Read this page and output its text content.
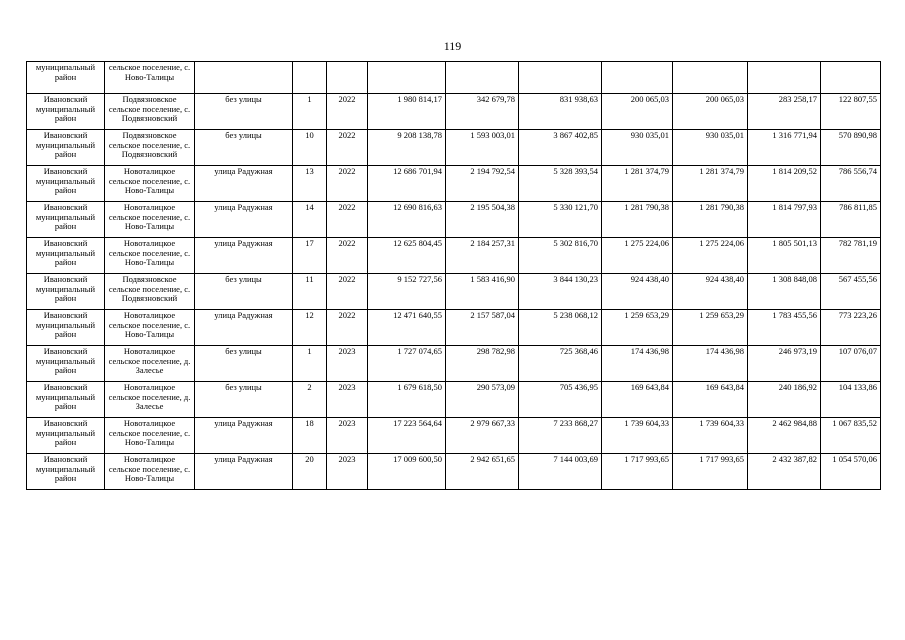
119
муниципальный район	сельское поселение, с. Ново-Талицы										
Ивановский муниципальный район	Подвязновское сельское поселение, с. Подвязновский	без улицы	1	2022	1 980 814,17	342 679,78	831 938,63	200 065,03	200 065,03	283 258,17	122 807,55
Ивановский муниципальный район	Подвязновское сельское поселение, с. Подвязновский	без улицы	10	2022	9 208 138,78	1 593 003,01	3 867 402,85	930 035,01	930 035,01	1 316 771,94	570 890,98
Ивановский муниципальный район	Новоталицкое сельское поселение, с. Ново-Талицы	улица Радужная	13	2022	12 686 701,94	2 194 792,54	5 328 393,54	1 281 374,79	1 281 374,79	1 814 209,52	786 556,74
Ивановский муниципальный район	Новоталицкое сельское поселение, с. Ново-Талицы	улица Радужная	14	2022	12 690 816,63	2 195 504,38	5 330 121,70	1 281 790,38	1 281 790,38	1 814 797,93	786 811,85
Ивановский муниципальный район	Новоталицкое сельское поселение, с. Ново-Талицы	улица Радужная	17	2022	12 625 804,45	2 184 257,31	5 302 816,70	1 275 224,06	1 275 224,06	1 805 501,13	782 781,19
Ивановский муниципальный район	Подвязновское сельское поселение, с. Подвязновский	без улицы	11	2022	9 152 727,56	1 583 416,90	3 844 130,23	924 438,40	924 438,40	1 308 848,08	567 455,56
Ивановский муниципальный район	Новоталицкое сельское поселение, с. Ново-Талицы	улица Радужная	12	2022	12 471 640,55	2 157 587,04	5 238 068,12	1 259 653,29	1 259 653,29	1 783 455,56	773 223,26
Ивановский муниципальный район	Новоталицкое сельское поселение, д. Залесье	без улицы	1	2023	1 727 074,65	298 782,98	725 368,46	174 436,98	174 436,98	246 973,19	107 076,07
Ивановский муниципальный район	Новоталицкое сельское поселение, д. Залесье	без улицы	2	2023	1 679 618,50	290 573,09	705 436,95	169 643,84	169 643,84	240 186,92	104 133,86
Ивановский муниципальный район	Новоталицкое сельское поселение, с. Ново-Талицы	улица Радужная	18	2023	17 223 564,64	2 979 667,33	7 233 868,27	1 739 604,33	1 739 604,33	2 462 984,88	1 067 835,52
Ивановский муниципальный район	Новоталицкое сельское поселение, с. Ново-Талицы	улица Радужная	20	2023	17 009 600,50	2 942 651,65	7 144 003,69	1 717 993,65	1 717 993,65	2 432 387,82	1 054 570,06
